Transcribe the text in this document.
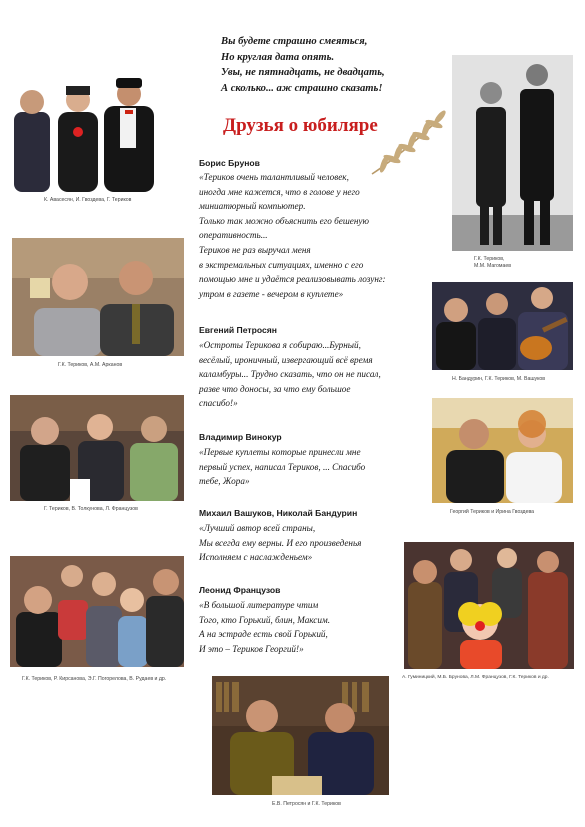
Вы будете страшно смеяться,
Но круглая дата опять.
Увы, не пятнадцать, не двадцать,
А сколько... аж страшно сказать!
Друзья о юбиляре
Борис Брунов
«Териков очень талантливый человек,
иногда мне кажется, что в голове у него
миниатюрный компьютер.
Только так можно объяснить его бешеную
оперативность...
Териков не раз выручал меня
в экстремальных ситуациях, именно с его
помощью мне и удаётся реализовывать лозунг:
утром в газете - вечером в куплете»
Евгений Петросян
«Остроты Терикова я собираю...Бурный,
весёлый, ироничный, извергающий всё время
каламбуры... Трудно сказать, что он не писал,
разве что доносы, за что ему большое
спасибо!»
Владимир Винокур
«Первые куплеты которые принесли мне
первый успех, написал Териков, ... Спасибо
тебе, Жора»
Михаил Вашуков, Николай Бандурин
«Лучший автор всей страны,
Мы всегда ему верны. И его произведенья
Исполняем с наслажденьем»
Леонид Французов
«В большой литературе чтим
Того, кто Горький, блин, Максим.
А на эстраде есть свой Горький,
И это – Териков Георгий!»
К. Авасесян, И. Гвоздева, Г. Териков
Г.К. Териков, А.М. Арканов
Г. Териков, В. Толкунова, Л. Французов
Г.К. Териков, Р. Кирсанова, Э.Г. Погорелова, В. Рудаев и др.
Г.К. Териков,
М.М. Магомаев
Н. Бандурин, Г.К. Териков, М. Вашуков
Георгий Териков и Ирина Гвоздева
А. Гуминицкий, М.Б. Брунова, Л.М. Французов, Г.К. Териков и др.
Е.В. Петросян и Г.К. Териков
